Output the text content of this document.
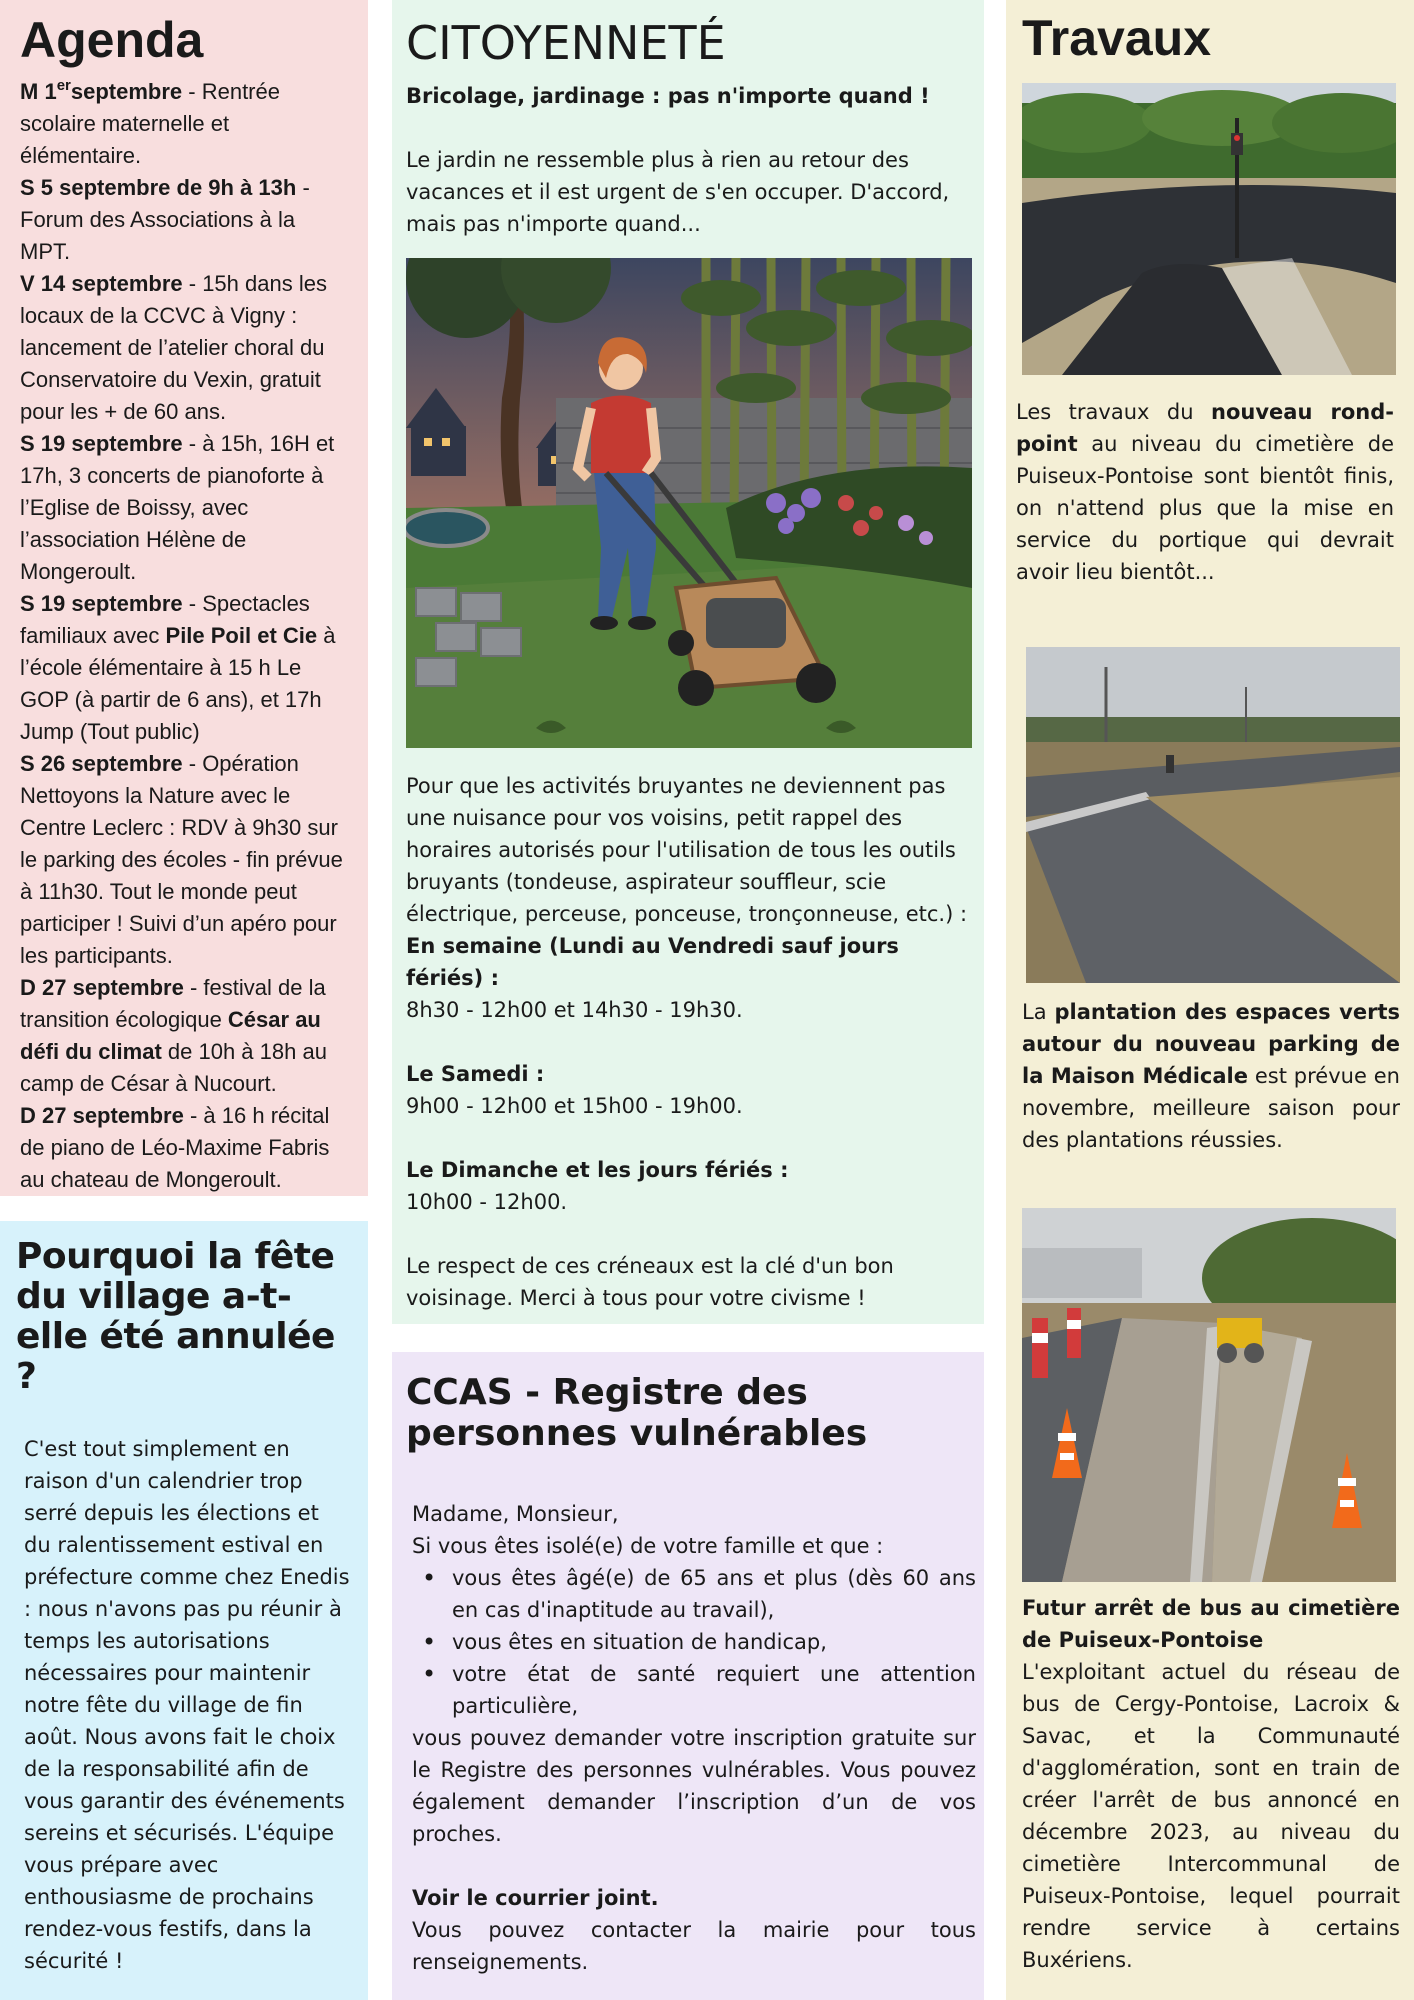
Agenda
M 1erseptembre - Rentrée scolaire maternelle et élémentaire.
S 5 septembre de 9h à 13h - Forum des Associations à la MPT.
V 14 septembre - 15h dans les locaux de la CCVC à Vigny : lancement de l’atelier choral du Conservatoire du Vexin, gratuit pour les + de 60 ans.
S 19 septembre - à 15h, 16H et 17h, 3 concerts de pianoforte à l’Eglise de Boissy, avec l’association Hélène de Mongeroult.
S 19 septembre - Spectacles familiaux avec Pile Poil et Cie à l’école élémentaire à 15 h Le GOP (à partir de 6 ans), et 17h Jump (Tout public)
S 26 septembre - Opération Nettoyons la Nature avec le Centre Leclerc : RDV à 9h30 sur le parking des écoles - fin prévue à 11h30. Tout le monde peut participer ! Suivi d’un apéro pour les participants.
D 27 septembre - festival de la transition écologique César au défi du climat de 10h à 18h au camp de César à Nucourt.
D 27 septembre - à 16 h récital de piano de Léo-Maxime Fabris au chateau de Mongeroult.
Pourquoi la fête du village a-t-elle été annulée ?

C'est tout simplement en raison d'un calendrier trop serré depuis les élections et du ralentissement estival en préfecture comme chez Enedis : nous n'avons pas pu réunir à temps les autorisations nécessaires pour maintenir notre fête du village de fin août. Nous avons fait le choix de la responsabilité afin de vous garantir des événements sereins et sécurisés. L'équipe vous prépare avec enthousiasme de prochains rendez-vous festifs, dans la sécurité !

CITOYENNETÉ
Bricolage, jardinage : pas n'importe quand !
Le jardin ne ressemble plus à rien au retour des vacances et il est urgent de s'en occuper. D'accord, mais pas n'importe quand...
Pour que les activités bruyantes ne deviennent pas une nuisance pour vos voisins, petit rappel des horaires autorisés pour l'utilisation de tous les outils bruyants (tondeuse, aspirateur souffleur, scie électrique, perceuse, ponceuse, tronçonneuse, etc.) :
En semaine (Lundi au Vendredi sauf jours fériés) :
8h30 - 12h00 et 14h30 - 19h30.
Le Samedi :
9h00 - 12h00 et 15h00 - 19h00.
Le Dimanche et les jours fériés :
10h00 - 12h00.
Le respect de ces créneaux est la clé d'un bon voisinage. Merci à tous pour votre civisme !
CCAS - Registre des personnes vulnérables
Madame, Monsieur,
Si vous êtes isolé(e) de votre famille et que :
• vous êtes âgé(e) de 65 ans et plus (dès 60 ans en cas d'inaptitude au travail),
• vous êtes en situation de handicap,
• votre état de santé requiert une attention particulière,
vous pouvez demander votre inscription gratuite sur le Registre des personnes vulnérables. Vous pouvez également demander l’inscription d’un de vos proches.
Voir le courrier joint.
Vous pouvez contacter la mairie pour tous renseignements.
Travaux
Les travaux du nouveau rond-point au niveau du cimetière de Puiseux-Pontoise sont bientôt finis, on n'attend plus que la mise en service du portique qui devrait avoir lieu bientôt...
La plantation des espaces verts autour du nouveau parking de la Maison Médicale est prévue en novembre, meilleure saison pour des plantations réussies.
Futur arrêt de bus au cimetière de Puiseux-Pontoise
L'exploitant actuel du réseau de bus de Cergy-Pontoise, Lacroix & Savac, et la Communauté d'agglomération, sont en train de créer l'arrêt de bus annoncé en décembre 2023, au niveau du cimetière Intercommunal de Puiseux-Pontoise, lequel pourrait rendre service à certains Buxériens.
